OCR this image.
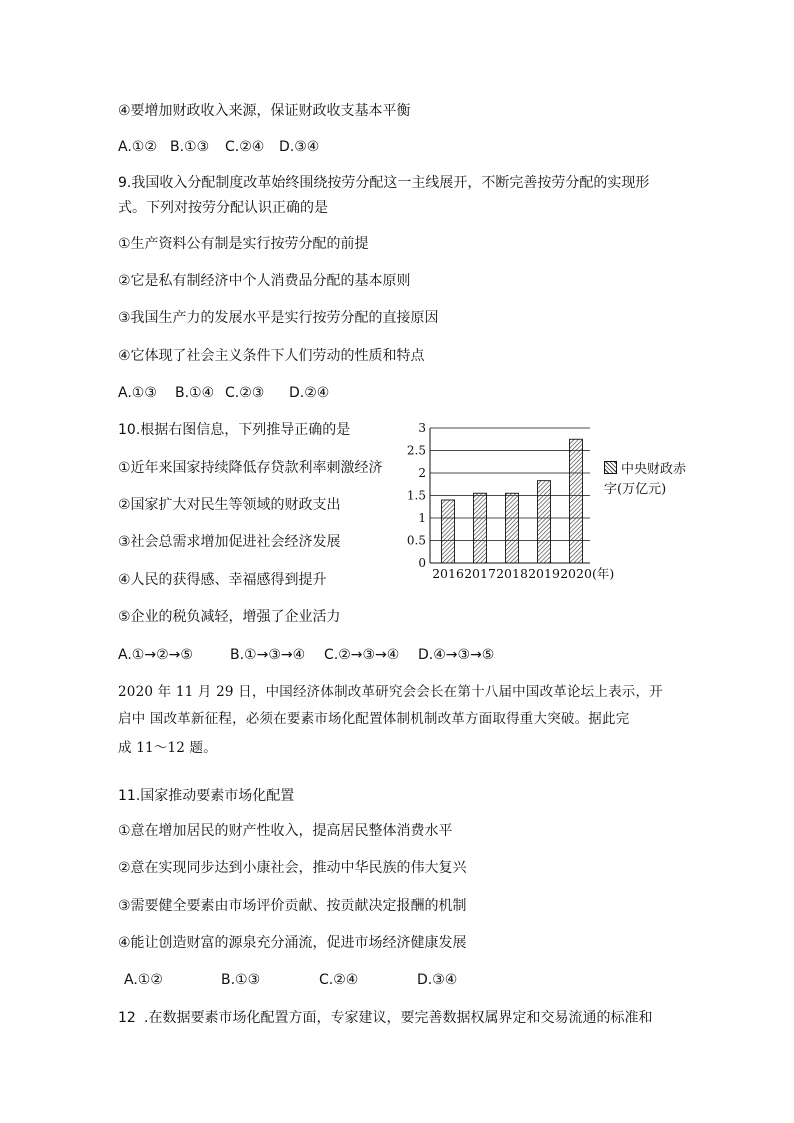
④要增加财政收入来源，保证财政收支基本平衡
A.①② B.①③ C.②④ D.③④
9.我国收入分配制度改革始终围绕按劳分配这一主线展开，不断完善按劳分配的实现形
式。下列对按劳分配认识正确的是
①生产资料公有制是实行按劳分配的前提
②它是私有制经济中个人消费品分配的基本原则
③我国生产力的发展水平是实行按劳分配的直接原因
④它体现了社会主义条件下人们劳动的性质和特点
A.①③ B.①④ C.②③ D.②④
10.根据右图信息，下列推导正确的是
①近年来国家持续降低存贷款利率刺激经济
②国家扩大对民生等领域的财政支出
③社会总需求增加促进社会经济发展
④人民的获得感、幸福感得到提升
⑤企业的税负减轻，增强了企业活力
A.①→②→⑤	B.①→③→④ C.②→③→④ D.④→③→⑤
0
0.5
1
1.5
2
2.5
3
2016 2017 2018 2019 2020 (年)
中央财政赤
字(万亿元)
2020 年 11 月 29 日，中国经济体制改革研究会会长在第十八届中国改革论坛上表示，开
启中 国改革新征程，必须在要素市场化配置体制机制改革方面取得重大突破。据此完
成 11～12 题。
11.国家推动要素市场化配置
①意在增加居民的财产性收入，提高居民整体消费水平
②意在实现同步达到小康社会，推动中华民族的伟大复兴
③需要健全要素由市场评价贡献、按贡献决定报酬的机制
④能让创造财富的源泉充分涌流，促进市场经济健康发展
A.①②	B.①③	C.②④	D.③④
12 .在数据要素市场化配置方面，专家建议，要完善数据权属界定和交易流通的标准和
